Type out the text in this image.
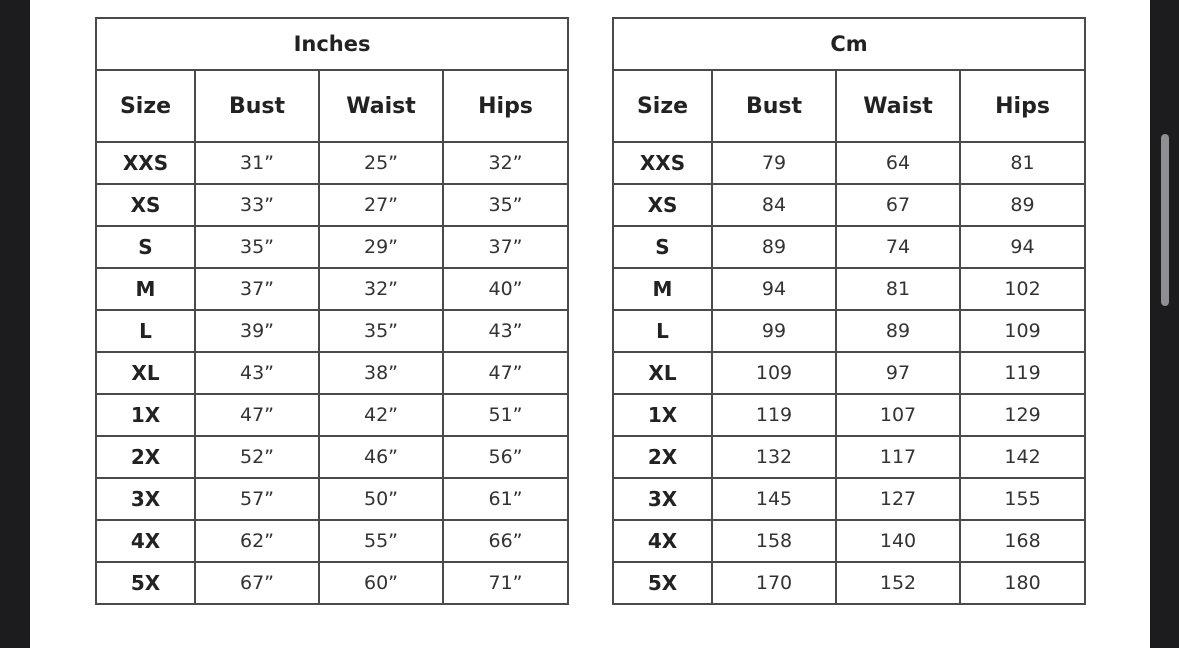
Inches			
Size	Bust	Waist	Hips
XXS	31”	25”	32”
XS	33”	27”	35”
S	35”	29”	37”
M	37”	32”	40”
L	39”	35”	43”
XL	43”	38”	47”
1X	47”	42”	51”
2X	52”	46”	56”
3X	57”	50”	61”
4X	62”	55”	66”
5X	67”	60”	71”
Cm			
Size	Bust	Waist	Hips
XXS	79	64	81
XS	84	67	89
S	89	74	94
M	94	81	102
L	99	89	109
XL	109	97	119
1X	119	107	129
2X	132	117	142
3X	145	127	155
4X	158	140	168
5X	170	152	180
